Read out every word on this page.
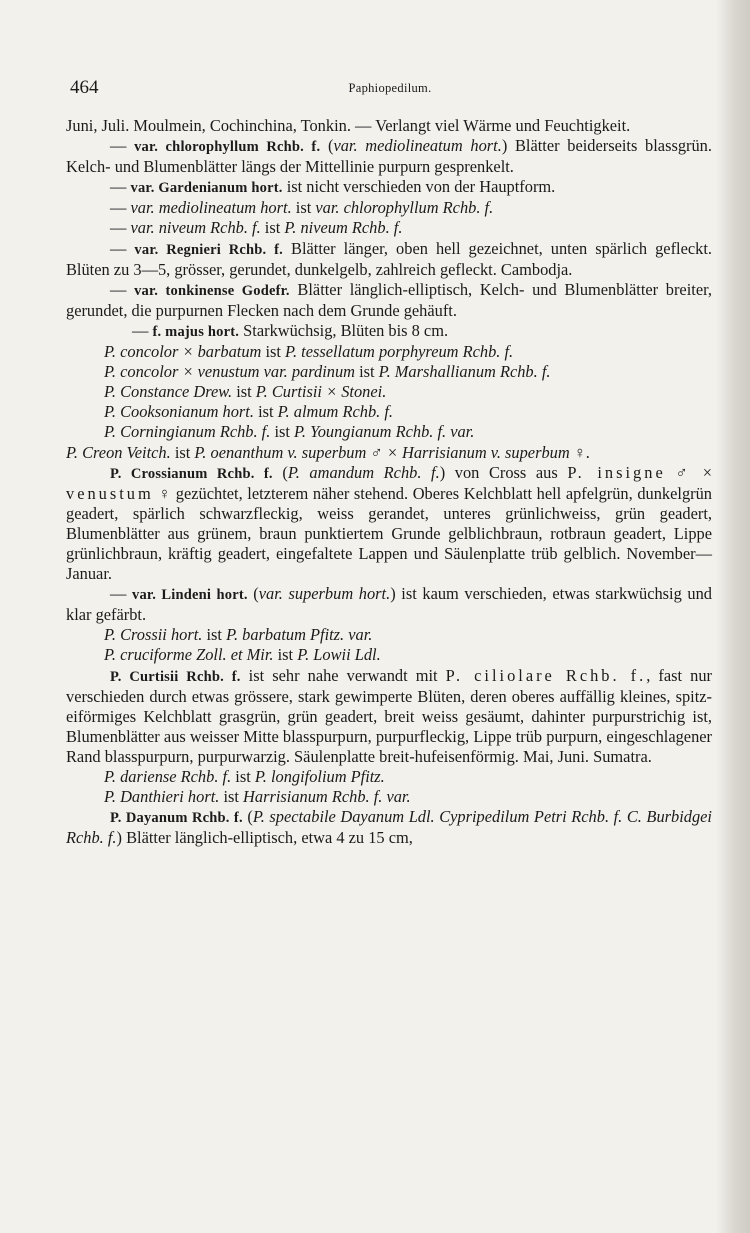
464	Paphiopedilum.

Juni, Juli. Moulmein, Cochinchina, Tonkin. — Verlangt viel Wärme und Feuchtigkeit.

— var. chlorophyllum Rchb. f. (var. mediolineatum hort.) Blätter beiderseits blassgrün. Kelch- und Blumenblätter längs der Mittellinie purpurn gesprenkelt.

— var. Gardenianum hort. ist nicht verschieden von der Hauptform.

— var. mediolineatum hort. ist var. chlorophyllum Rchb. f.

— var. niveum Rchb. f. ist P. niveum Rchb. f.

— var. Regnieri Rchb. f. Blätter länger, oben hell gezeichnet, unten spärlich gefleckt. Blüten zu 3—5, grösser, gerundet, dunkelgelb, zahlreich gefleckt. Cambodja.

— var. tonkinense Godefr. Blätter länglich-elliptisch, Kelch- und Blumenblätter breiter, gerundet, die purpurnen Flecken nach dem Grunde gehäuft.

— f. majus hort. Starkwüchsig, Blüten bis 8 cm.

P. concolor × barbatum ist P. tessellatum porphyreum Rchb. f.

P. concolor × venustum var. pardinum ist P. Marshallianum Rchb. f.

P. Constance Drew. ist P. Curtisii × Stonei.

P. Cooksonianum hort. ist P. almum Rchb. f.

P. Corningianum Rchb. f. ist P. Youngianum Rchb. f. var.

P. Creon Veitch. ist P. oenanthum v. superbum ♂ × Harrisianum v. superbum ♀.

P. Crossianum Rchb. f. (P. amandum Rchb. f.) von Cross aus P. insigne ♂ × venustum ♀ gezüchtet, letzterem näher stehend. Oberes Kelchblatt hell apfelgrün, dunkelgrün geadert, spärlich schwarzfleckig, weiss gerandet, unteres grünlichweiss, grün geadert, Blumenblätter aus grünem, braun punktiertem Grunde gelblichbraun, rotbraun geadert, Lippe grünlichbraun, kräftig geadert, eingefaltete Lappen und Säulenplatte trüb gelblich. November—Januar.

— var. Lindeni hort. (var. superbum hort.) ist kaum verschieden, etwas starkwüchsig und klar gefärbt.

P. Crossii hort. ist P. barbatum Pfitz. var.

P. cruciforme Zoll. et Mir. ist P. Lowii Ldl.

P. Curtisii Rchb. f. ist sehr nahe verwandt mit P. ciliolare Rchb. f., fast nur verschieden durch etwas grössere, stark gewimperte Blüten, deren oberes auffällig kleines, spitz-eiförmiges Kelchblatt grasgrün, grün geadert, breit weiss gesäumt, dahinter purpurstrichig ist, Blumenblätter aus weisser Mitte blasspurpurn, purpurfleckig, Lippe trüb purpurn, eingeschlagener Rand blasspurpurn, purpurwarzig. Säulenplatte breit-hufeisenförmig. Mai, Juni. Sumatra.

P. dariense Rchb. f. ist P. longifolium Pfitz.

P. Danthieri hort. ist Harrisianum Rchb. f. var.

P. Dayanum Rchb. f. (P. spectabile Dayanum Ldl. Cypripedilum Petri Rchb. f. C. Burbidgei Rchb. f.) Blätter länglich-elliptisch, etwa 4 zu 15 cm,
